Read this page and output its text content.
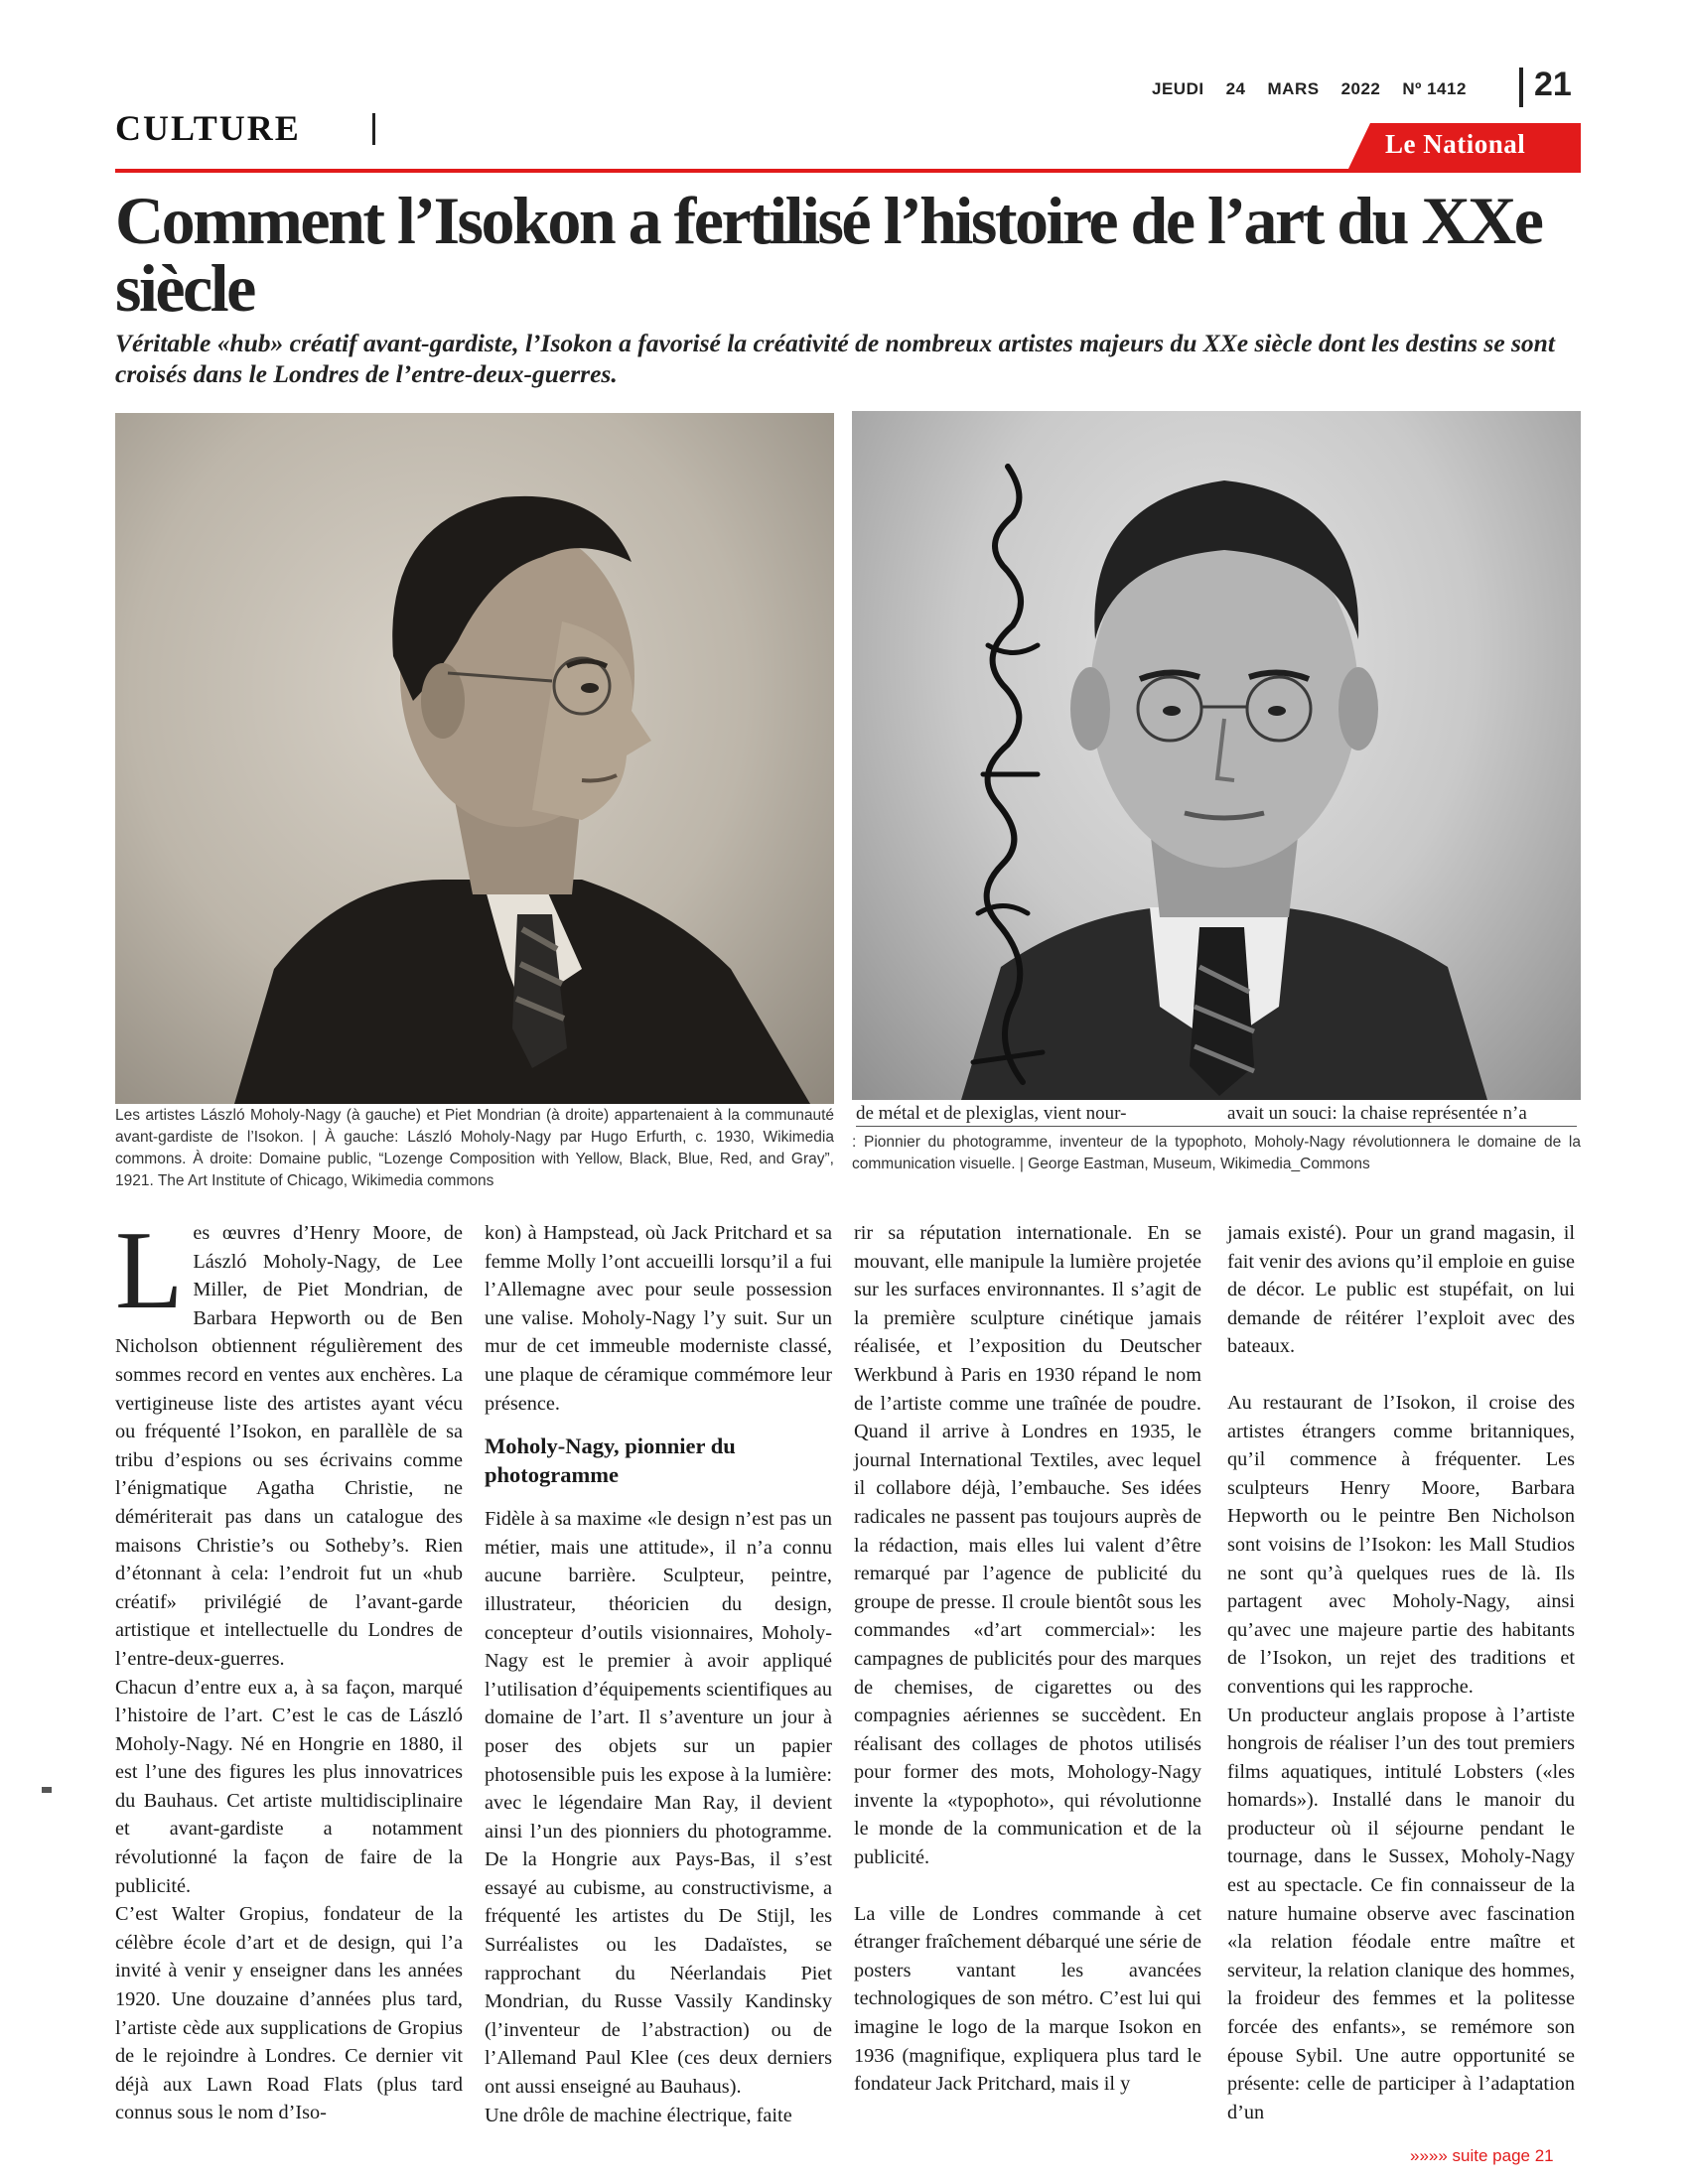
JEUDI 24 MARS 2022 Nº 1412	21
CULTURE	Le National
Comment l’Isokon a fertilisé l’histoire de l’art du XXe siècle

Véritable «hub» créatif avant-gardiste, l’Isokon a favorisé la créativité de nombreux artistes majeurs du XXe siècle dont les destins se sont croisés dans le Londres de l’entre-deux-guerres.

Les artistes László Moholy-Nagy (à gauche) et Piet Mondrian (à droite) appartenaient à la communauté avant-gardiste de l’Isokon. | À gauche: László Moholy-Nagy par Hugo Erfurth, c. 1930, Wikimedia commons. À droite: Domaine public, “Lozenge Composition with Yellow, Black, Blue, Red, and Gray”, 1921. The Art Institute of Chicago, Wikimedia commons

de métal et de plexiglas, vient nour-	avait un souci: la chaise représentée n’a

: Pionnier du photogramme, inventeur de la typophoto, Moholy-Nagy révolutionnera le domaine de la communication visuelle. | George Eastman, Museum, Wikimedia_Commons

Les œuvres d’Henry Moore, de László Moholy-Nagy, de Lee Miller, de Piet Mondrian, de Barbara Hepworth ou de Ben Nicholson obtiennent régulièrement des sommes record en ventes aux enchères. La vertigineuse liste des artistes ayant vécu ou fréquenté l’Isokon, en parallèle de sa tribu d’espions ou ses écrivains comme l’énigmatique Agatha Christie, ne démériterait pas dans un catalogue des maisons Christie’s ou Sotheby’s. Rien d’étonnant à cela: l’endroit fut un «hub créatif» privilégié de l’avant-garde artistique et intellectuelle du Londres de l’entre-deux-guerres.

Chacun d’entre eux a, à sa façon, marqué l’histoire de l’art. C’est le cas de László Moholy-Nagy. Né en Hongrie en 1880, il est l’une des figures les plus innovatrices du Bauhaus. Cet artiste multidisciplinaire et avant-gardiste a notamment révolutionné la façon de faire de la publicité.

C’est Walter Gropius, fondateur de la célèbre école d’art et de design, qui l’a invité à venir y enseigner dans les années 1920. Une douzaine d’années plus tard, l’artiste cède aux supplications de Gropius de le rejoindre à Londres. Ce dernier vit déjà aux Lawn Road Flats (plus tard connus sous le nom d’Iso-

kon) à Hampstead, où Jack Pritchard et sa femme Molly l’ont accueilli lorsqu’il a fui l’Allemagne avec pour seule possession une valise. Moholy-Nagy l’y suit. Sur un mur de cet immeuble moderniste classé, une plaque de céramique commémore leur présence.

Moholy-Nagy, pionnier du photogramme

Fidèle à sa maxime «le design n’est pas un métier, mais une attitude», il n’a connu aucune barrière. Sculpteur, peintre, illustrateur, théoricien du design, concepteur d’outils visionnaires, Moholy-Nagy est le premier à avoir appliqué l’utilisation d’équipements scientifiques au domaine de l’art. Il s’aventure un jour à poser des objets sur un papier photosensible puis les expose à la lumière: avec le légendaire Man Ray, il devient ainsi l’un des pionniers du photogramme. De la Hongrie aux Pays-Bas, il s’est essayé au cubisme, au constructivisme, a fréquenté les artistes du De Stijl, les Surréalistes ou les Dadaïstes, se rapprochant du Néerlandais Piet Mondrian, du Russe Vassily Kandinsky (l’inventeur de l’abstraction) ou de l’Allemand Paul Klee (ces deux derniers ont aussi enseigné au Bauhaus).

Une drôle de machine électrique, faite

rir sa réputation internationale. En se mouvant, elle manipule la lumière projetée sur les surfaces environnantes. Il s’agit de la première sculpture cinétique jamais réalisée, et l’exposition du Deutscher Werkbund à Paris en 1930 répand le nom de l’artiste comme une traînée de poudre. Quand il arrive à Londres en 1935, le journal International Textiles, avec lequel il collabore déjà, l’embauche. Ses idées radicales ne passent pas toujours auprès de la rédaction, mais elles lui valent d’être remarqué par l’agence de publicité du groupe de presse. Il croule bientôt sous les commandes «d’art commercial»: les campagnes de publicités pour des marques de chemises, de cigarettes ou des compagnies aériennes se succèdent. En réalisant des collages de photos utilisés pour former des mots, Mohology-Nagy invente la «typophoto», qui révolutionne le monde de la communication et de la publicité.

La ville de Londres commande à cet étranger fraîchement débarqué une série de posters vantant les avancées technologiques de son métro. C’est lui qui imagine le logo de la marque Isokon en 1936 (magnifique, expliquera plus tard le fondateur Jack Pritchard, mais il y

jamais existé). Pour un grand magasin, il fait venir des avions qu’il emploie en guise de décor. Le public est stupéfait, on lui demande de réitérer l’exploit avec des bateaux.

Au restaurant de l’Isokon, il croise des artistes étrangers comme britanniques, qu’il commence à fréquenter. Les sculpteurs Henry Moore, Barbara Hepworth ou le peintre Ben Nicholson sont voisins de l’Isokon: les Mall Studios ne sont qu’à quelques rues de là. Ils partagent avec Moholy-Nagy, ainsi qu’avec une majeure partie des habitants de l’Isokon, un rejet des traditions et conventions qui les rapproche.

Un producteur anglais propose à l’artiste hongrois de réaliser l’un des tout premiers films aquatiques, intitulé Lobsters («les homards»). Installé dans le manoir du producteur où il séjourne pendant le tournage, dans le Sussex, Moholy-Nagy est au spectacle. Ce fin connaisseur de la nature humaine observe avec fascination «la relation féodale entre maître et serviteur, la relation clanique des hommes, la froideur des femmes et la politesse forcée des enfants», se remémore son épouse Sybil. Une autre opportunité se présente: celle de participer à l’adaptation d’un

»»»» suite page 21
